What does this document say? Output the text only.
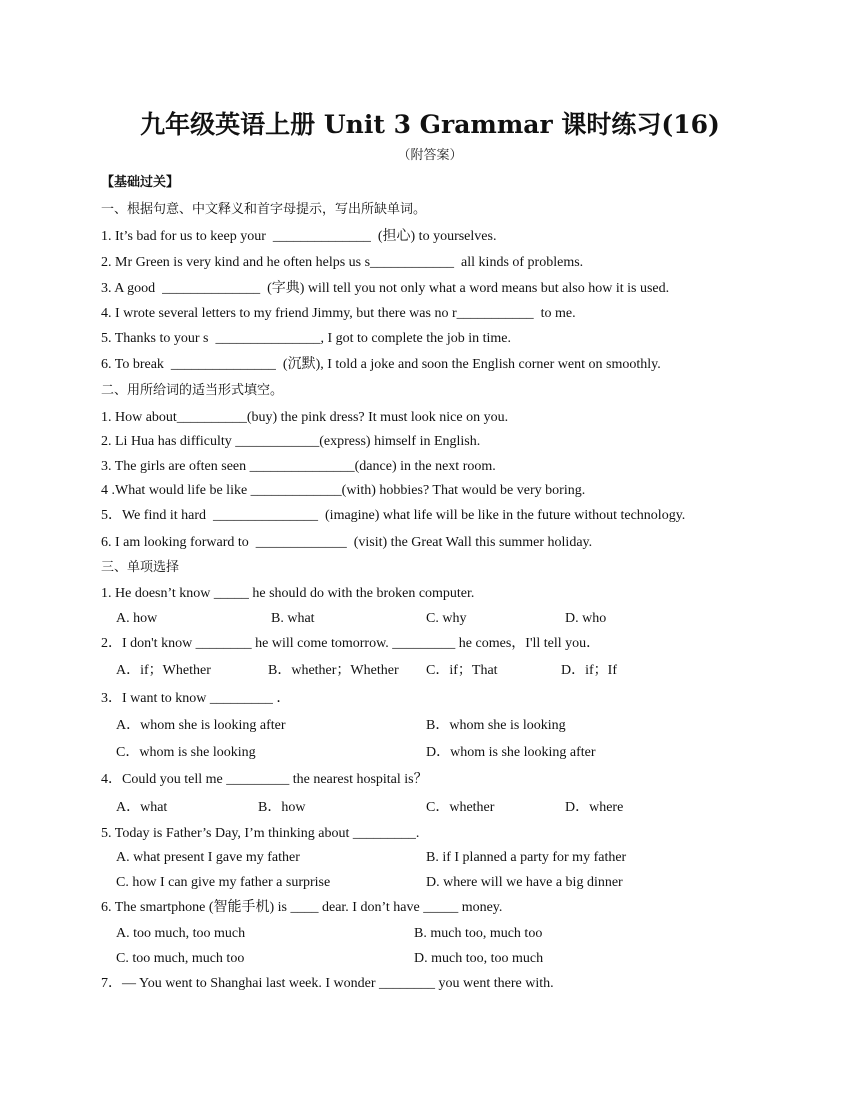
九年级英语上册 Unit 3 Grammar 课时练习(16)
（附答案）
【基础过关】
一、根据句意、中文释义和首字母提示，写出所缺单词。
1. It’s bad for us to keep your  ______________  (担心) to yourselves.
2. Mr Green is very kind and he often helps us s____________  all kinds of problems.
3. A good  ______________  (字典) will tell you not only what a word means but also how it is used.
4. I wrote several letters to my friend Jimmy, but there was no r___________  to me.
5. Thanks to your s  _______________, I got to complete the job in time.
6. To break  _______________  (沉默), I told a joke and soon the English corner went on smoothly.
二、用所给词的适当形式填空。
1. How about__________(buy) the pink dress? It must look nice on you.
2. Li Hua has difficulty ____________(express) himself in English.
3. The girls are often seen _______________(dance) in the next room.
4 .What would life be like _____________(with) hobbies? That would be very boring.
5．We find it hard  _______________  (imagine) what life will be like in the future without technology.
6. I am looking forward to  _____________  (visit) the Great Wall this summer holiday.
三、单项选择
1. He doesn’t know _____ he should do with the broken computer.
A. how	B. what	C. why	D. who
2．I don't know ________ he will come tomorrow. _________ he comes，I'll tell you．
A．if；Whether	B．whether；Whether C．if；That	D．if；If
3．I want to know _________ ．
A．whom she is looking after	B．whom she is looking
C．whom is she looking	D．whom is she looking after
4．Could you tell me _________ the nearest hospital is？
A．what	B．how	C．whether	D．where
5. Today is Father’s Day, I’m thinking about _________.
A. what present I gave my father	B. if I planned a party for my father
C. how I can give my father a surprise	D. where will we have a big dinner
6. The smartphone (智能手机) is ____ dear. I don’t have _____ money.
A. too much, too much	B. much too, much too
C. too much, much too	D. much too, too much
7．— You went to Shanghai last week. I wonder ________ you went there with.
